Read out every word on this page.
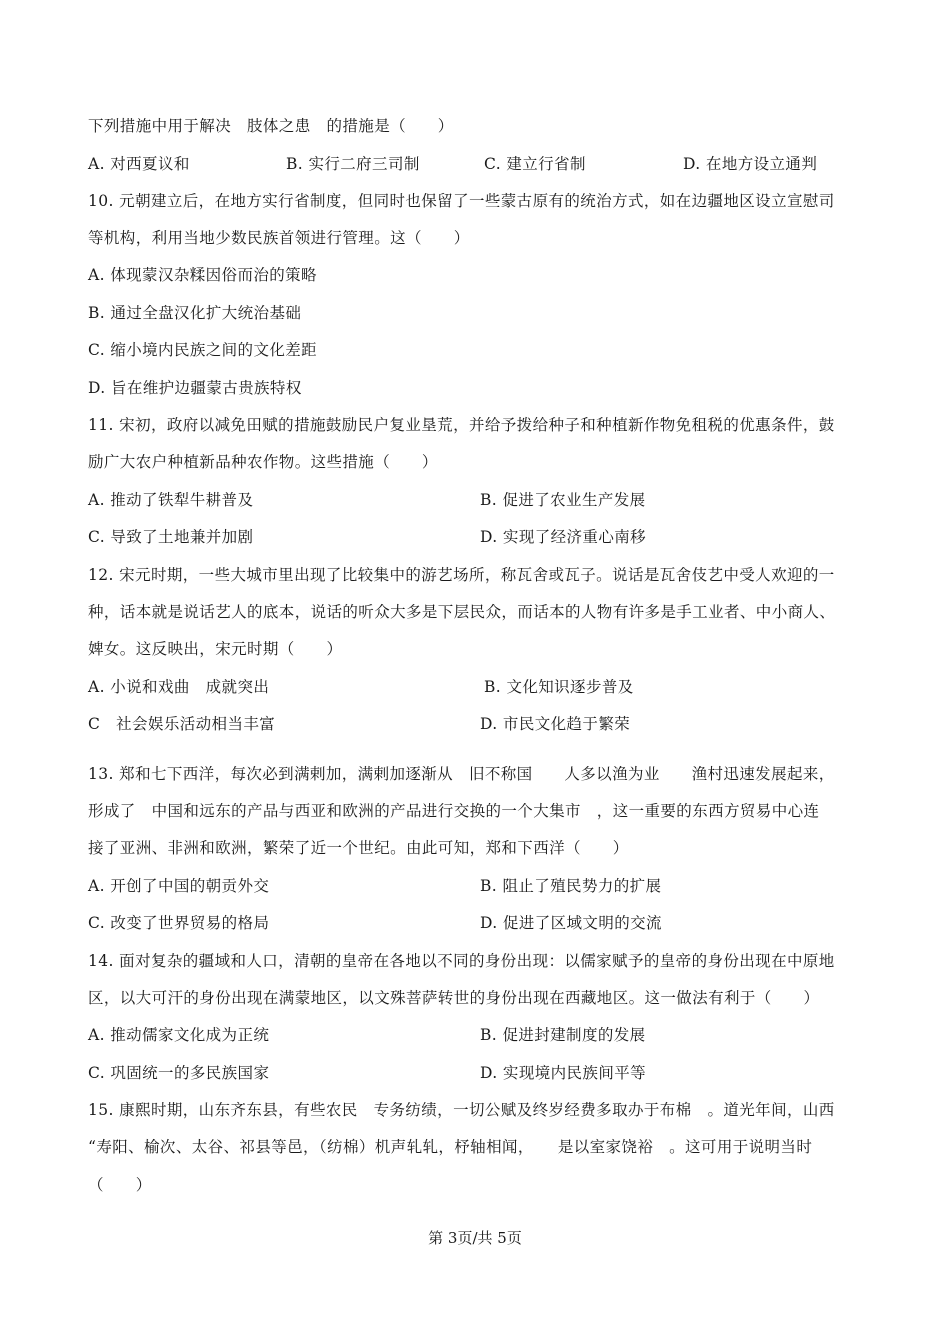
下列措施中用于解决　肢体之患　的措施是（　　）
A. 对西夏议和	B. 实行二府三司制	C. 建立行省制	D. 在地方设立通判
10. 元朝建立后，在地方实行省制度，但同时也保留了一些蒙古原有的统治方式，如在边疆地区设立宣慰司
等机构，利用当地少数民族首领进行管理。这（　　）
A. 体现蒙汉杂糅因俗而治的策略
B. 通过全盘汉化扩大统治基础
C. 缩小境内民族之间的文化差距
D. 旨在维护边疆蒙古贵族特权
11. 宋初，政府以减免田赋的措施鼓励民户复业垦荒，并给予拨给种子和种植新作物免租税的优惠条件，鼓
励广大农户种植新品种农作物。这些措施（　　）
A. 推动了铁犁牛耕普及	B. 促进了农业生产发展
C. 导致了土地兼并加剧	D. 实现了经济重心南移
12. 宋元时期，一些大城市里出现了比较集中的游艺场所，称瓦舍或瓦子。说话是瓦舍伎艺中受人欢迎的一
种，话本就是说话艺人的底本，说话的听众大多是下层民众，而话本的人物有许多是手工业者、中小商人、
婢女。这反映出，宋元时期（　　）
A. 小说和戏曲　成就突出	B. 文化知识逐步普及
C　社会娱乐活动相当丰富	D. 市民文化趋于繁荣
13. 郑和七下西洋，每次必到满剌加，满剌加逐渐从　旧不称国　　人多以渔为业　　渔村迅速发展起来，
形成了　中国和远东的产品与西亚和欧洲的产品进行交换的一个大集市　，这一重要的东西方贸易中心连
接了亚洲、非洲和欧洲，繁荣了近一个世纪。由此可知，郑和下西洋（　　）
A. 开创了中国的朝贡外交	B. 阻止了殖民势力的扩展
C. 改变了世界贸易的格局	D. 促进了区域文明的交流
14. 面对复杂的疆域和人口，清朝的皇帝在各地以不同的身份出现：以儒家赋予的皇帝的身份出现在中原地
区，以大可汗的身份出现在满蒙地区，以文殊菩萨转世的身份出现在西藏地区。这一做法有利于（　　）
A. 推动儒家文化成为正统	B. 促进封建制度的发展
C. 巩固统一的多民族国家	D. 实现境内民族间平等
15. 康熙时期，山东齐东县，有些农民　专务纺绩，一切公赋及终岁经费多取办于布棉　。道光年间，山西
“寿阳、榆次、太谷、祁县等邑，（纺棉）机声轧轧，杼轴相闻，　　是以室家饶裕　。这可用于说明当时
（　　）
第 3页/共 5页
